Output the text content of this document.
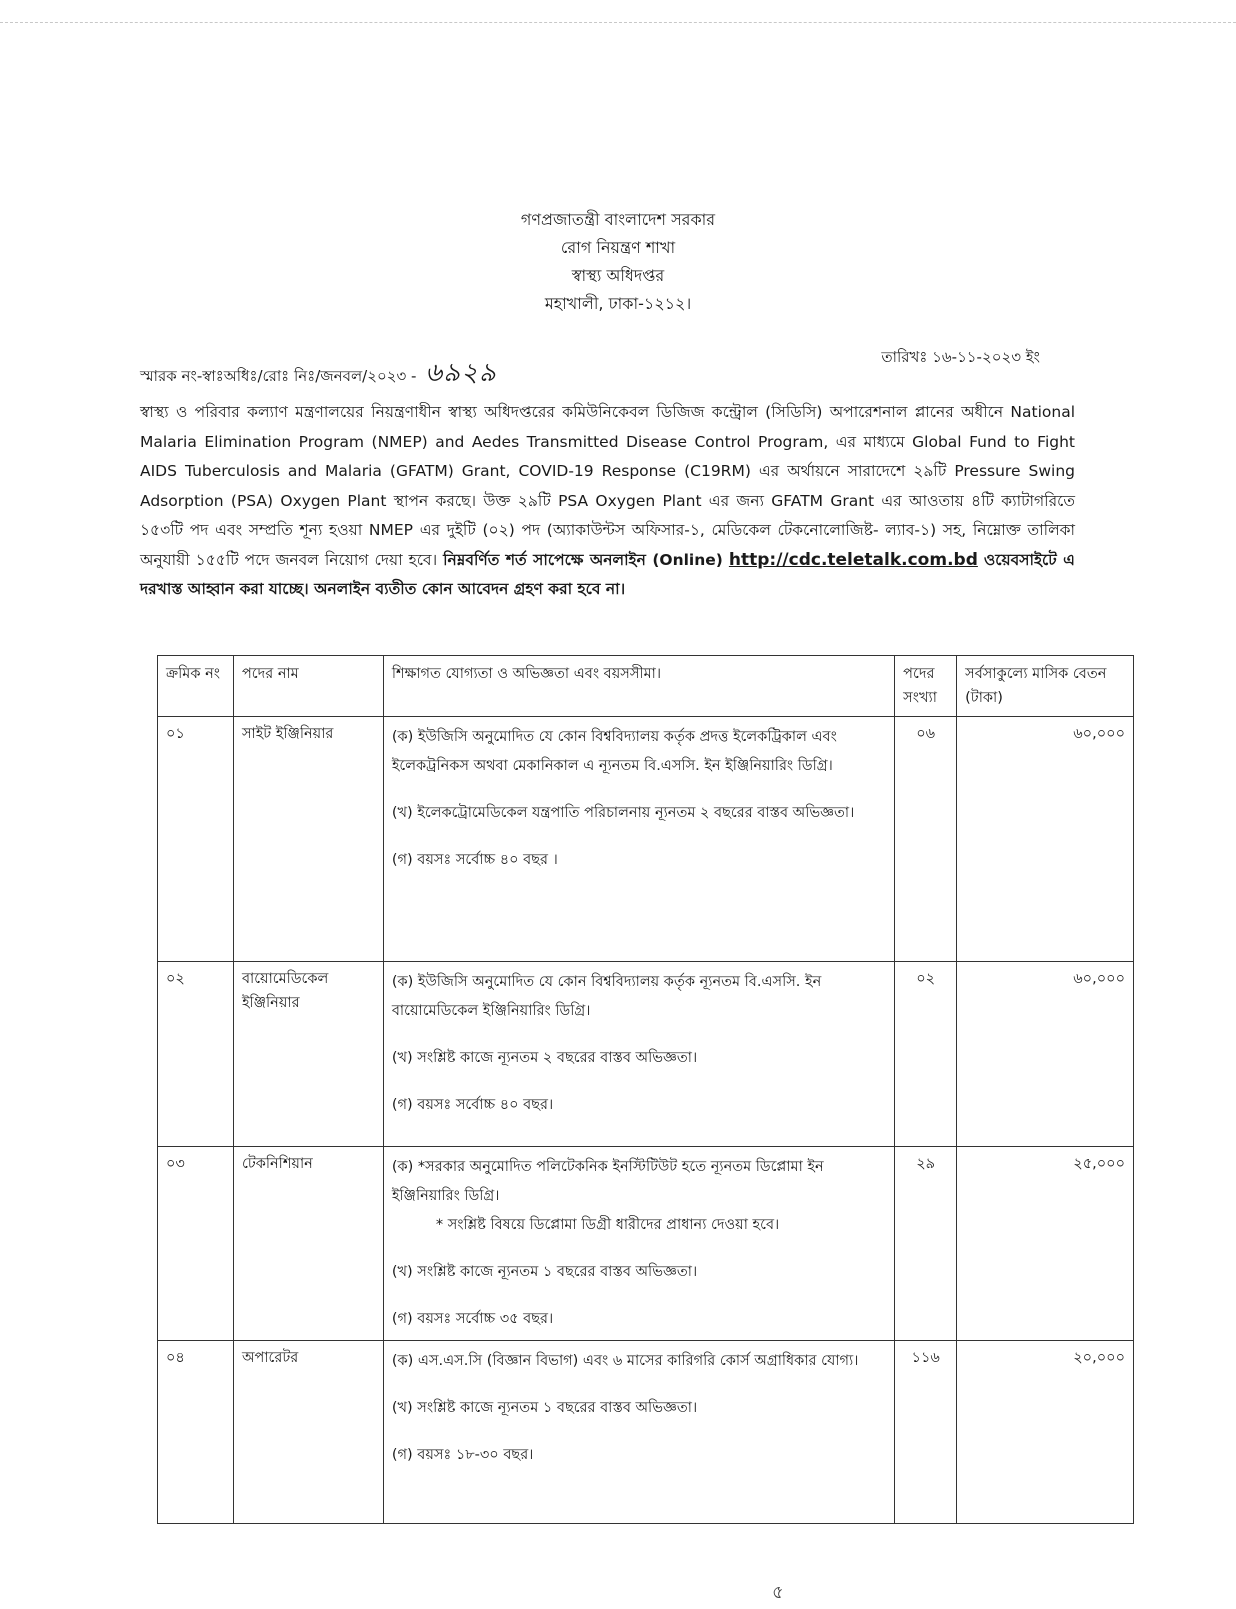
গণপ্রজাতন্ত্রী বাংলাদেশ সরকার
রোগ নিয়ন্ত্রণ শাখা
স্বাস্থ্য অধিদপ্তর
মহাখালী, ঢাকা-১২১২।
স্মারক নং-স্বাঃঅধিঃ/রোঃ নিঃ/জনবল/২০২৩ - ৬৯২৯
তারিখঃ ১৬-১১-২০২৩ ইং
স্বাস্থ্য ও পরিবার কল্যাণ মন্ত্রণালয়ের নিয়ন্ত্রণাধীন স্বাস্থ্য অধিদপ্তরের কমিউনিকেবল ডিজিজ কন্ট্রোল (সিডিসি) অপারেশনাল প্লানের অধীনে National Malaria Elimination Program (NMEP) and Aedes Transmitted Disease Control Program, এর মাধ্যমে Global Fund to Fight AIDS Tuberculosis and Malaria (GFATM) Grant, COVID-19 Response (C19RM) এর অর্থায়নে সারাদেশে ২৯টি Pressure Swing Adsorption (PSA) Oxygen Plant স্থাপন করছে। উক্ত ২৯টি PSA Oxygen Plant এর জন্য GFATM Grant এর আওতায় ৪টি ক্যাটাগরিতে ১৫৩টি পদ এবং সম্প্রতি শূন্য হওয়া NMEP এর দুইটি (০২) পদ (অ্যাকাউন্টস অফিসার-১, মেডিকেল টেকনোলোজিষ্ট- ল্যাব-১) সহ, নিম্নোক্ত তালিকা অনুযায়ী ১৫৫টি পদে জনবল নিয়োগ দেয়া হবে। নিম্নবর্ণিত শর্ত সাপেক্ষে অনলাইন (Online) http://cdc.teletalk.com.bd ওয়েবসাইটে এ দরখাস্ত আহ্বান করা যাচ্ছে। অনলাইন ব্যতীত কোন আবেদন গ্রহণ করা হবে না।
ক্রমিক নং	পদের নাম	শিক্ষাগত যোগ্যতা ও অভিজ্ঞতা এবং বয়সসীমা।	পদের সংখ্যা	সর্বসাকুল্যে মাসিক বেতন (টাকা)
০১	সাইট ইঞ্জিনিয়ার	(ক) ইউজিসি অনুমোদিত যে কোন বিশ্ববিদ্যালয় কর্তৃক প্রদত্ত ইলেকট্রিকাল এবং ইলেকট্রনিকস অথবা মেকানিকাল এ ন্যূনতম বি.এসসি. ইন ইঞ্জিনিয়ারিং ডিগ্রি।
(খ) ইলেকট্রোমেডিকেল যন্ত্রপাতি পরিচালনায় ন্যূনতম ২ বছরের বাস্তব অভিজ্ঞতা।
(গ) বয়সঃ সর্বোচ্চ ৪০ বছর ।	০৬	৬০,০০০
০২	বায়োমেডিকেল ইঞ্জিনিয়ার	(ক) ইউজিসি অনুমোদিত যে কোন বিশ্ববিদ্যালয় কর্তৃক ন্যূনতম বি.এসসি. ইন বায়োমেডিকেল ইঞ্জিনিয়ারিং ডিগ্রি।
(খ) সংশ্লিষ্ট কাজে ন্যূনতম ২ বছরের বাস্তব অভিজ্ঞতা।
(গ) বয়সঃ সর্বোচ্চ ৪০ বছর।	০২	৬০,০০০
০৩	টেকনিশিয়ান	(ক) *সরকার অনুমোদিত পলিটেকনিক ইনস্টিটিউট হতে ন্যূনতম ডিপ্লোমা ইন ইঞ্জিনিয়ারিং ডিগ্রি।
* সংশ্লিষ্ট বিষয়ে ডিপ্লোমা ডিগ্রী ধারীদের প্রাধান্য দেওয়া হবে।
(খ) সংশ্লিষ্ট কাজে ন্যূনতম ১ বছরের বাস্তব অভিজ্ঞতা।
(গ) বয়সঃ সর্বোচ্চ ৩৫ বছর।	২৯	২৫,০০০
০৪	অপারেটর	(ক) এস.এস.সি (বিজ্ঞান বিভাগ) এবং ৬ মাসের কারিগরি কোর্স অগ্রাধিকার যোগ্য।
(খ) সংশ্লিষ্ট কাজে ন্যূনতম ১ বছরের বাস্তব অভিজ্ঞতা।
(গ) বয়সঃ ১৮-৩০ বছর।	১১৬	২০,০০০
৫
